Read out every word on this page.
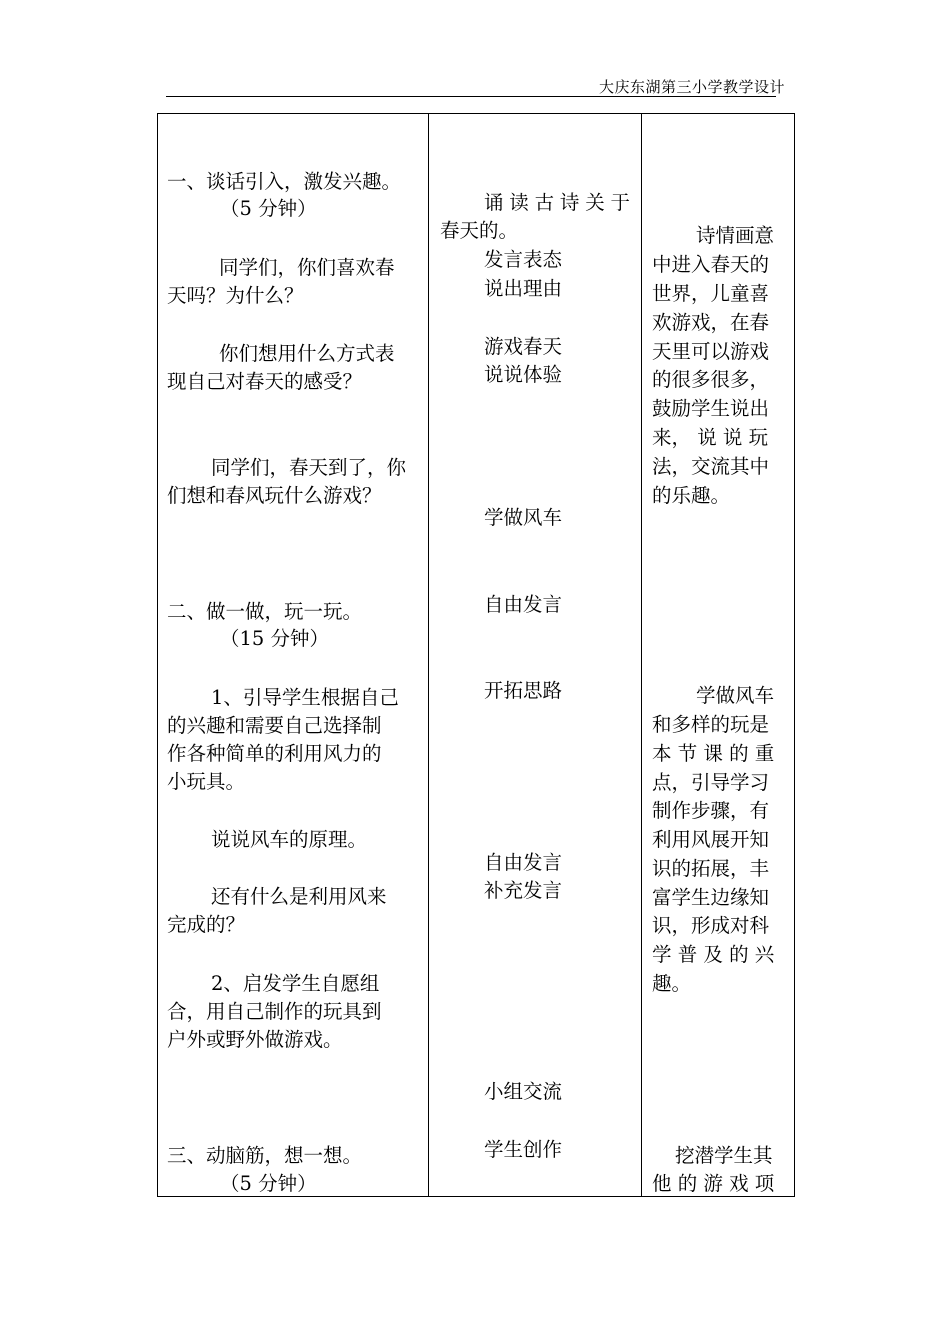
大庆东湖第三小学教学设计
一、谈话引入，激发兴趣。
（5 分钟）
同学们，你们喜欢春
天吗？为什么？
你们想用什么方式表
现自己对春天的感受？
同学们，春天到了，你
们想和春风玩什么游戏？
二、做一做，玩一玩。
（15 分钟）
1、引导学生根据自己
的兴趣和需要自己选择制
作各种简单的利用风力的
小玩具。
说说风车的原理。
还有什么是利用风来
完成的？
2、启发学生自愿组
合，用自己制作的玩具到
户外或野外做游戏。
三、动脑筋，想一想。
（5 分钟）
诵 读 古 诗 关 于
春天的。
发言表态
说出理由
游戏春天
说说体验
学做风车
自由发言
开拓思路
自由发言
补充发言
小组交流
学生创作
诗情画意
中进入春天的
世界，儿童喜
欢游戏，在春
天里可以游戏
的很多很多，
鼓励学生说出
来， 说 说 玩
法，交流其中
的乐趣。
学做风车
和多样的玩是
本 节 课 的 重
点，引导学习
制作步骤，有
利用风展开知
识的拓展，丰
富学生边缘知
识，形成对科
学 普 及 的 兴
趣。
挖潜学生其
他 的 游 戏 项
